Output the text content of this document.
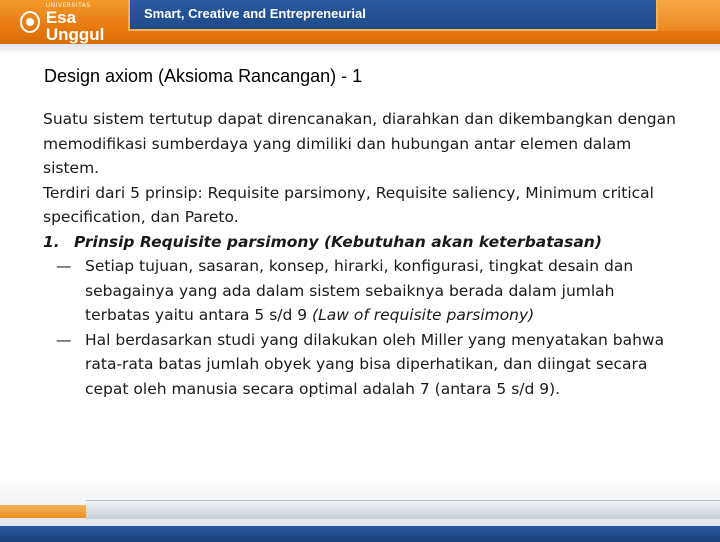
UNIVERSITAS
Esa Unggul
Smart, Creative and Entrepreneurial
Design axiom (Aksioma Rancangan) - 1

Suatu sistem tertutup dapat direncanakan, diarahkan dan dikembangkan dengan memodifikasi sumberdaya yang dimiliki dan hubungan antar elemen dalam sistem.

Terdiri dari 5 prinsip: Requisite parsimony, Requisite saliency, Minimum critical specification, dan Pareto.

1. Prinsip Requisite parsimony (Kebutuhan akan keterbatasan)
— Setiap tujuan, sasaran, konsep, hirarki, konfigurasi, tingkat desain dan sebagainya yang ada dalam sistem sebaiknya berada dalam jumlah terbatas yaitu antara 5 s/d 9 (Law of requisite parsimony)
— Hal berdasarkan studi yang dilakukan oleh Miller yang menyatakan bahwa rata-rata batas jumlah obyek yang bisa diperhatikan, dan diingat secara cepat oleh manusia secara optimal adalah 7 (antara 5 s/d 9).
